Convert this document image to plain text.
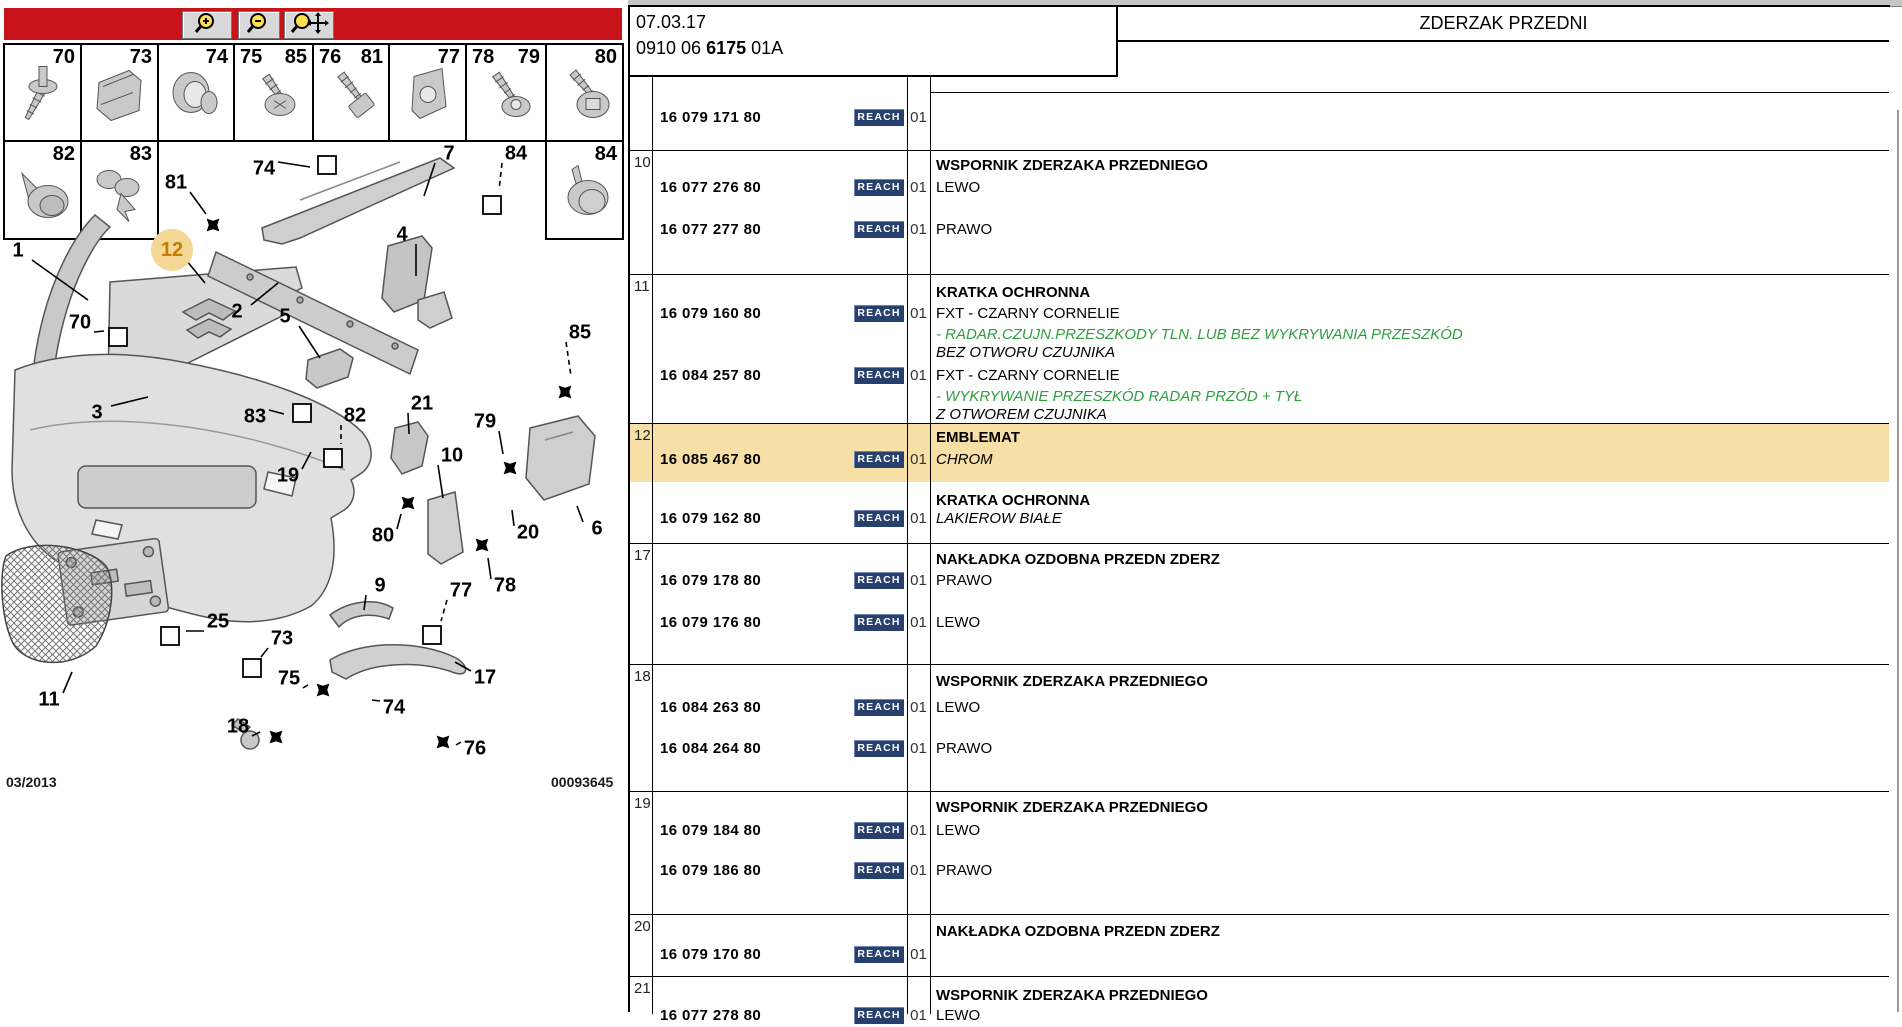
70	73	74 75 85 76 81	77 78 79	80
82	83	84
1	12
70
74
81
7	84
2 5
4
85
3	83	82
21
79
19
10
80	20	6
78
9	77
25
73
75	17
74
18
76
11
03/2013	00093645
07.03.17
0910 06 6175 01A
ZDERZAK PRZEDNI
16 079 171 80	REACH 01
10	WSPORNIK ZDERZAKA PRZEDNIEGO
16 077 276 80	REACH 01 LEWO
16 077 277 80	REACH 01 PRAWO
11	KRATKA OCHRONNA
16 079 160 80	REACH 01 FXT - CZARNY CORNELIE
- RADAR.CZUJN.PRZESZKODY TLN. LUB BEZ WYKRYWANIA PRZESZKÓD
BEZ OTWORU CZUJNIKA
16 084 257 80	REACH 01 FXT - CZARNY CORNELIE
- WYKRYWANIE PRZESZKÓD RADAR PRZÓD + TYŁ
Z OTWOREM CZUJNIKA
12	EMBLEMAT
16 085 467 80	REACH 01 CHROM
KRATKA OCHRONNA
16 079 162 80	REACH 01 LAKIEROW BIAŁE
17	NAKŁADKA OZDOBNA PRZEDN ZDERZ
16 079 178 80	REACH 01 PRAWO
16 079 176 80	REACH 01 LEWO
18	WSPORNIK ZDERZAKA PRZEDNIEGO
16 084 263 80	REACH 01 LEWO
16 084 264 80	REACH 01 PRAWO
19	WSPORNIK ZDERZAKA PRZEDNIEGO
16 079 184 80	REACH 01 LEWO
16 079 186 80	REACH 01 PRAWO
20	NAKŁADKA OZDOBNA PRZEDN ZDERZ
16 079 170 80	REACH 01
21	WSPORNIK ZDERZAKA PRZEDNIEGO
16 077 278 80	REACH 01 LEWO
